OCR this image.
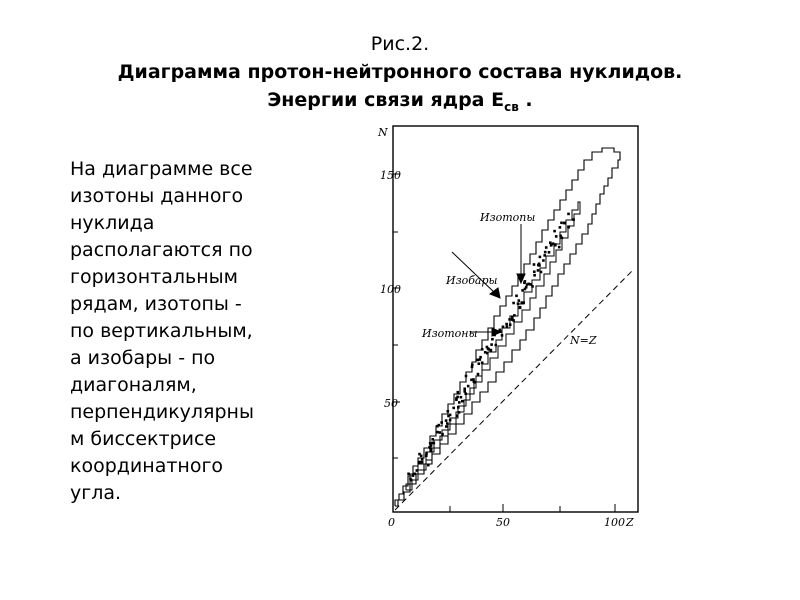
Рис.2.
Диаграмма протон-нейтронного состава нуклидов.
Энергии связи ядра $Е_{св}$ .
На диаграмме все
изотоны данного
нуклида
располагаются по
горизонтальным
рядам, изотопы -
по вертикальным,
а изобары - по
диагоналям,
перпендикулярны
м биссектрисе
координатного
угла.
N
150
100
50
0	50	100 Z
N=Z
Изотопы
Изобары
Изотоны
